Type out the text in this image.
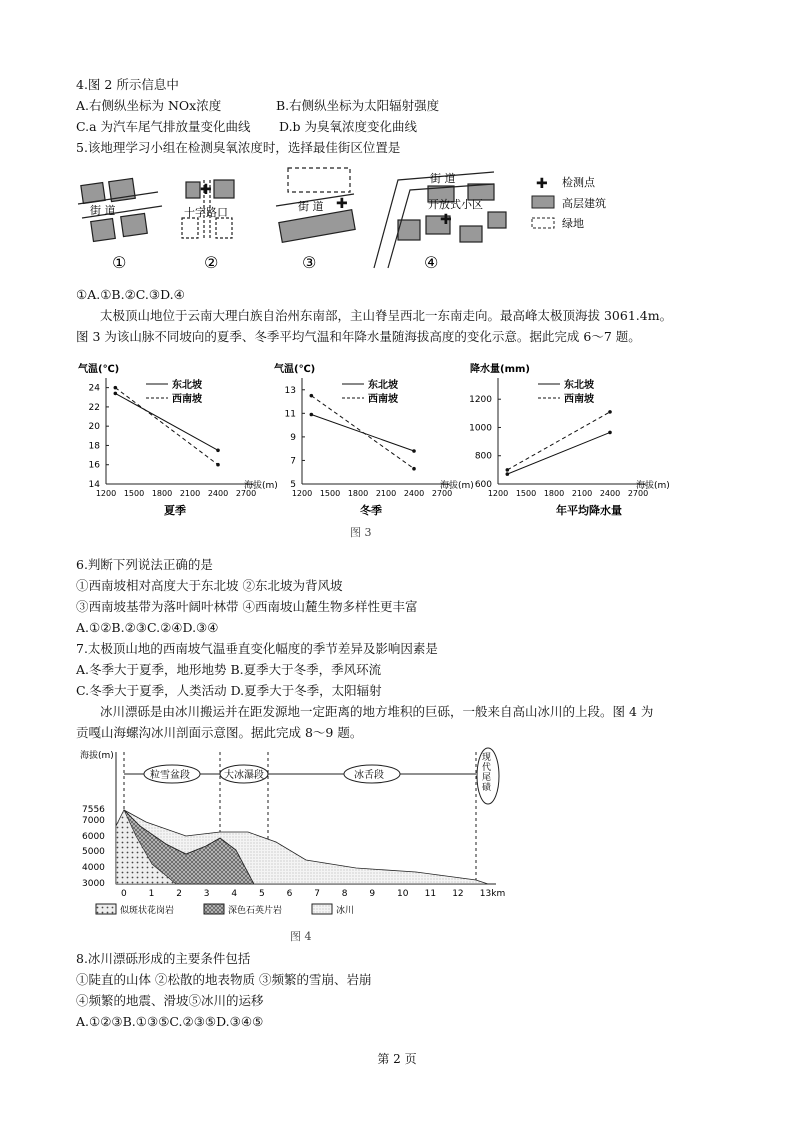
4.图 2 所示信息中
A.右侧纵坐标为 NOx浓度	B.右侧纵坐标为太阳辐射强度
C.a 为汽车尾气排放量变化曲线 D.b 为臭氧浓度变化曲线
5.该地理学习小组在检测臭氧浓度时，选择最佳街区位置是
✚
✚
✚
街 道	十字路口	街 道
街 道
开放式小区
①	②	③	④
✚ 检测点
高层建筑
绿地
①A.①B.②C.③D.④
太极顶山地位于云南大理白族自治州东南部，主山脊呈西北一东南走向。最高峰太极顶海拔 3061.4m。
图 3 为该山脉不同坡向的夏季、冬季平均气温和年降水量随海拔高度的变化示意。据此完成 6～7 题。
气温(℃)
海拔(m)
夏季
14
16
18
20
22
24
1200 1500 1800 2100 2400 2700
东北坡
西南坡
气温(℃)
海拔(m)
冬季
5
7
9
11
13
1200 1500 1800 2100 2400 2700
东北坡
西南坡
降水量(mm)
海拔(m)
年平均降水量
600
800
1000
1200
1200 1500 1800 2100 2400 2700
东北坡
西南坡
图 3
6.判断下列说法正确的是
①西南坡相对高度大于东北坡 ②东北坡为背风坡
③西南坡基带为落叶阔叶林带 ④西南坡山麓生物多样性更丰富
A.①②B.②③C.②④D.③④
7.太极顶山地的西南坡气温垂直变化幅度的季节差异及影响因素是
A.冬季大于夏季，地形地势 B.夏季大于冬季，季风环流
C.冬季大于夏季，人类活动 D.夏季大于冬季，太阳辐射
冰川漂砾是由冰川搬运并在距发源地一定距离的地方堆积的巨砾，一般来自高山冰川的上段。图 4 为
贡嘎山海螺沟冰川剖面示意图。据此完成 8～9 题。
粒雪盆段	大冰瀑段	冰舌段
现代尾碛
海拔(m)
7556
7000
6000
5000
4000
3000
0 1 2 3 4 5 6 7 8 9 10 11 12 13km
似斑状花岗岩	深色石英片岩	冰川
图 4
8.冰川漂砾形成的主要条件包括
①陡直的山体 ②松散的地表物质 ③频繁的雪崩、岩崩
④频繁的地震、滑坡⑤冰川的运移
A.①②③B.①③⑤C.②③⑤D.③④⑤
第 2 页
